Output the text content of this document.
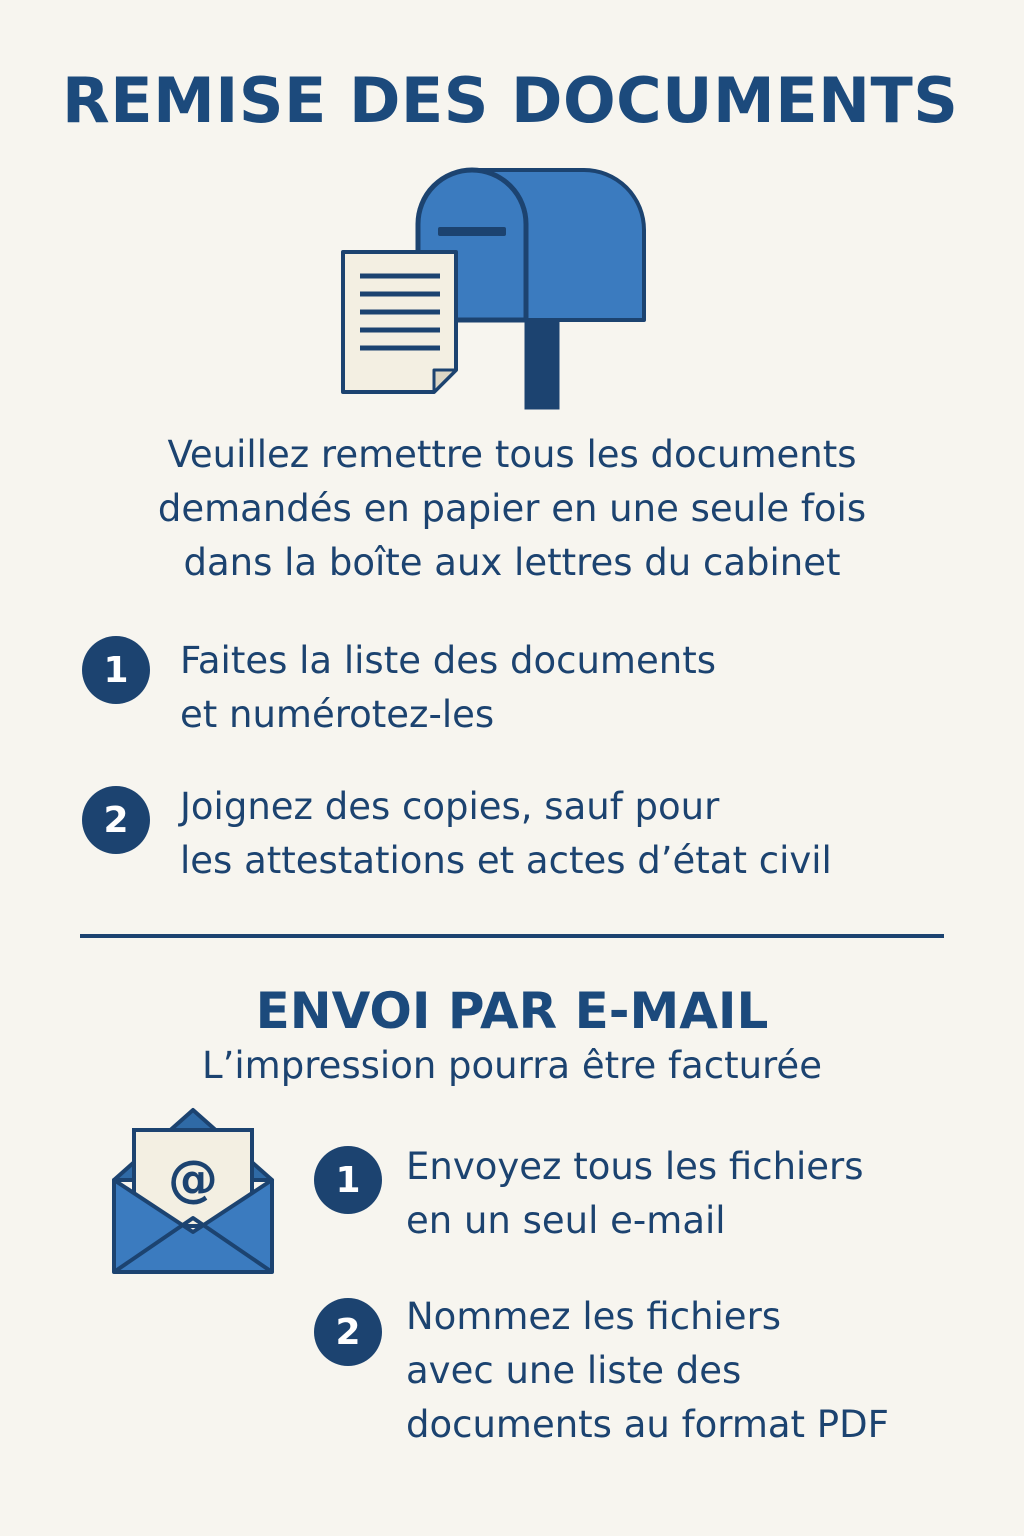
REMISE DES DOCUMENTS
Veuillez remettre tous les documents
demandés en papier en une seule fois
dans la boîte aux lettres du cabinet
1	Faites la liste des documents
et numérotez-les
2	Joignez des copies, sauf pour
les attestations et actes d’état civil
ENVOI PAR E-MAIL
L’impression pourra être facturée
@	1	Envoyez tous les fichiers
en un seul e-mail
2	Nommez les fichiers
avec une liste des
documents au format PDF
